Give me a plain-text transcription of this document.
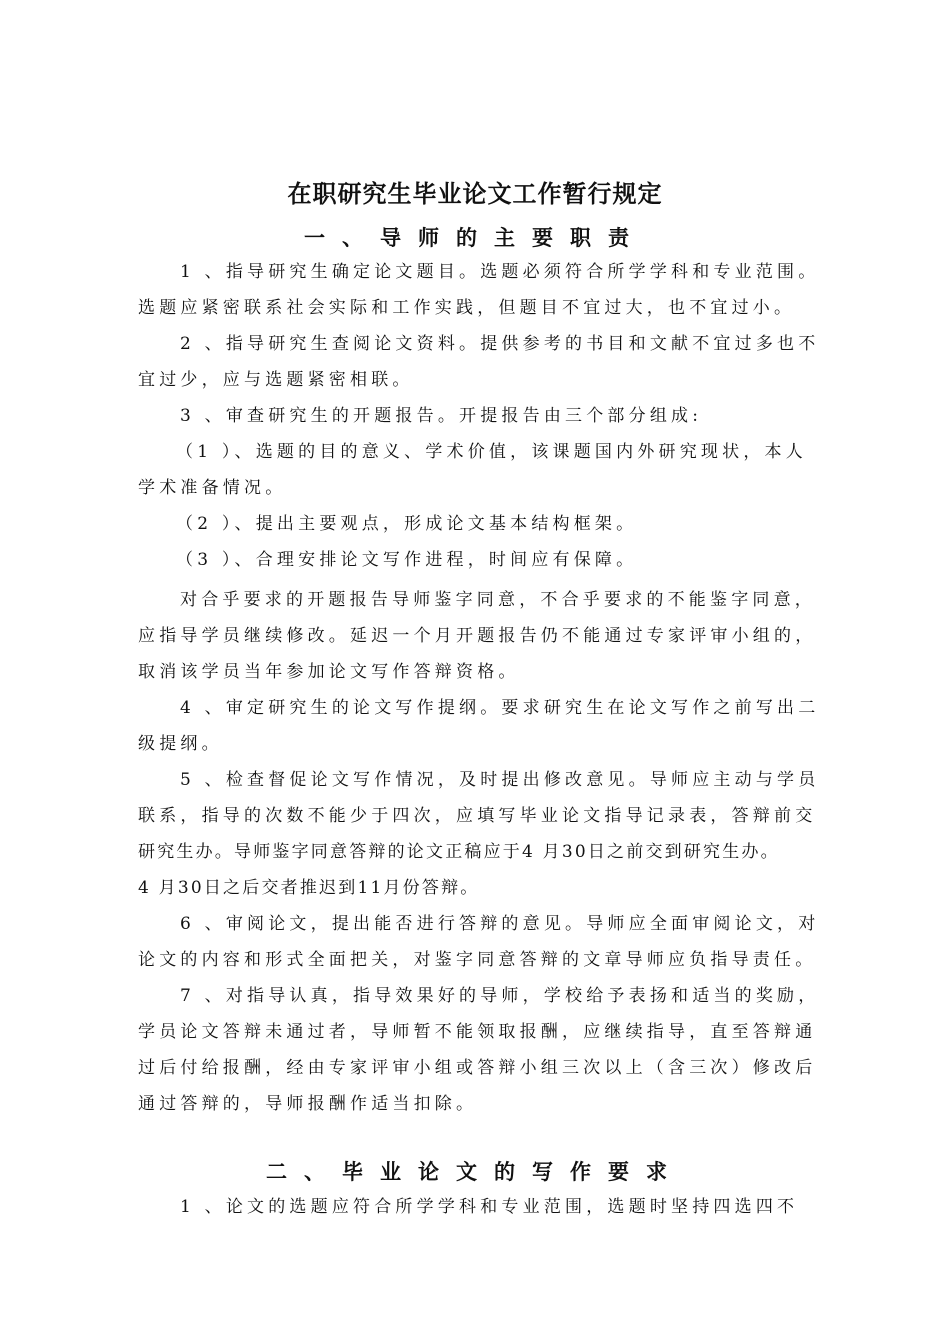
在职研究生毕业论文工作暂行规定
一、导师的主要职责
1 、指导研究生确定论文题目。选题必须符合所学学科和专业范围。
选题应紧密联系社会实际和工作实践，但题目不宜过大，也不宜过小。
2 、指导研究生查阅论文资料。提供参考的书目和文献不宜过多也不
宜过少，应与选题紧密相联。
3 、审查研究生的开题报告。开提报告由三个部分组成:
（1 ）、选题的目的意义、学术价值，该课题国内外研究现状，本人
学术准备情况。
（2 ）、提出主要观点，形成论文基本结构框架。
（3 ）、合理安排论文写作进程，时间应有保障。
对合乎要求的开题报告导师鉴字同意，不合乎要求的不能鉴字同意，
应指导学员继续修改。延迟一个月开题报告仍不能通过专家评审小组的，
取消该学员当年参加论文写作答辩资格。
4 、审定研究生的论文写作提纲。要求研究生在论文写作之前写出二
级提纲。
5 、检查督促论文写作情况，及时提出修改意见。导师应主动与学员
联系，指导的次数不能少于四次，应填写毕业论文指导记录表，答辩前交
研究生办。导师鉴字同意答辩的论文正稿应于4 月30日之前交到研究生办。
4 月30日之后交者推迟到11月份答辩。
6 、审阅论文，提出能否进行答辩的意见。导师应全面审阅论文，对
论文的内容和形式全面把关，对鉴字同意答辩的文章导师应负指导责任。
7 、对指导认真，指导效果好的导师，学校给予表扬和适当的奖励，
学员论文答辩未通过者，导师暂不能领取报酬，应继续指导，直至答辩通
过后付给报酬，经由专家评审小组或答辩小组三次以上（含三次）修改后
通过答辩的，导师报酬作适当扣除。
二、毕业论文的写作要求
1 、论文的选题应符合所学学科和专业范围，选题时坚持四选四不
